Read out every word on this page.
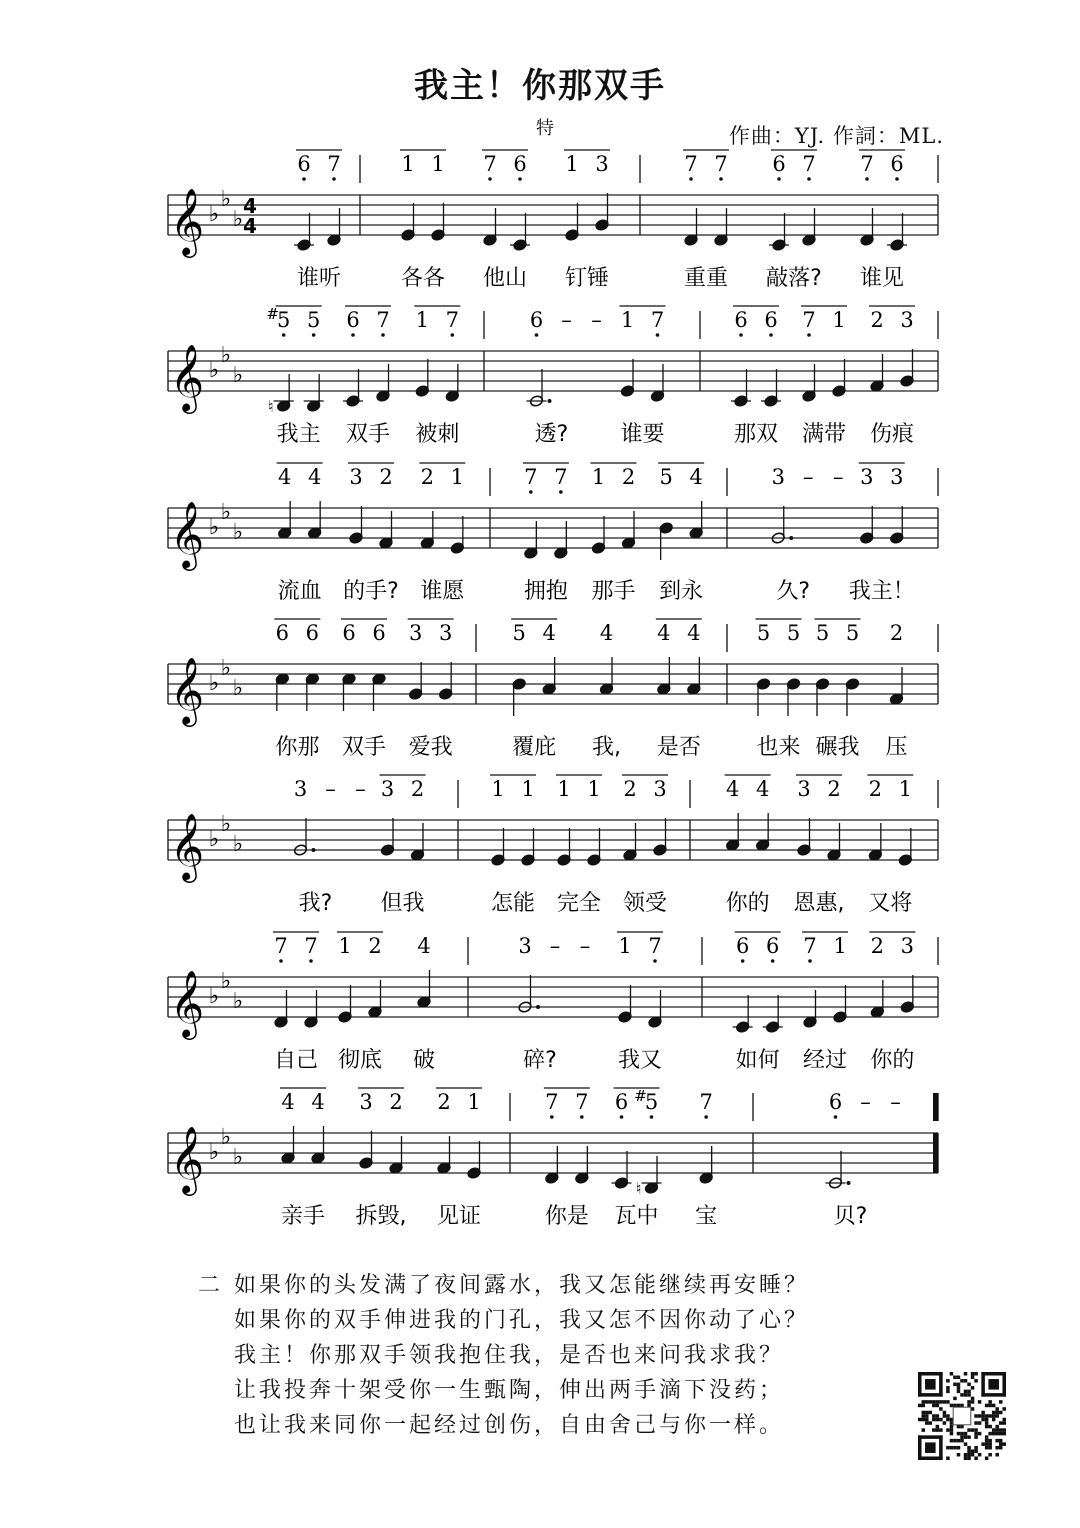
我主！你那双手
特	作曲：YJ. 作詞：ML.
𝄞 ♭
♭
♭
4
4
6 7
谁听
1 1
各各
7 6
他山
1 3
钉锤
7 7
重重
6 7
敲落?
7 6
谁见
𝄞 ♭
♭
♭
5
#
♮
5
我主
6 7
双手
1 7
被刺
6 – –
透?
1 7
谁要
6 6
那双
7 1
满带
2 3
伤痕
𝄞 ♭
♭
♭
4 4
流血
3 2
的手?
2 1
谁愿
7 7
拥抱
1 2
那手
5 4
到永
3 – –
久?
3 3
我主！
𝄞 ♭
♭
♭
6 6
你那
6 6
双手
3 3
爱我
5 4
覆庇
4
我,
4 4
是否
5 5
也来
5 5
碾我
2
压
𝄞 ♭
♭
♭
3 – –
我?
3 2
但我
1 1
怎能
1 1
完全
2 3
领受
4 4
你的
3 2
恩惠,
2 1
又将
𝄞 ♭
♭
♭
7 7
自己
1 2
彻底
4
破
3 – –
碎?
1 7
我又
6 6
如何
7 1
经过
2 3
你的
𝄞 ♭
♭
♭
4 4
亲手
3 2
拆毁,
2 1
见证
7 7
你是
6 5
#
♮
瓦中
7
宝
6 – –
贝?
二 如果你的头发满了夜间露水，我又怎能继续再安睡？
如果你的双手伸进我的门孔，我又怎不因你动了心？
我主！你那双手领我抱住我，是否也来问我求我？
让我投奔十架受你一生甄陶，伸出两手滴下没药；
也让我来同你一起经过创伤，自由舍己与你一样。
